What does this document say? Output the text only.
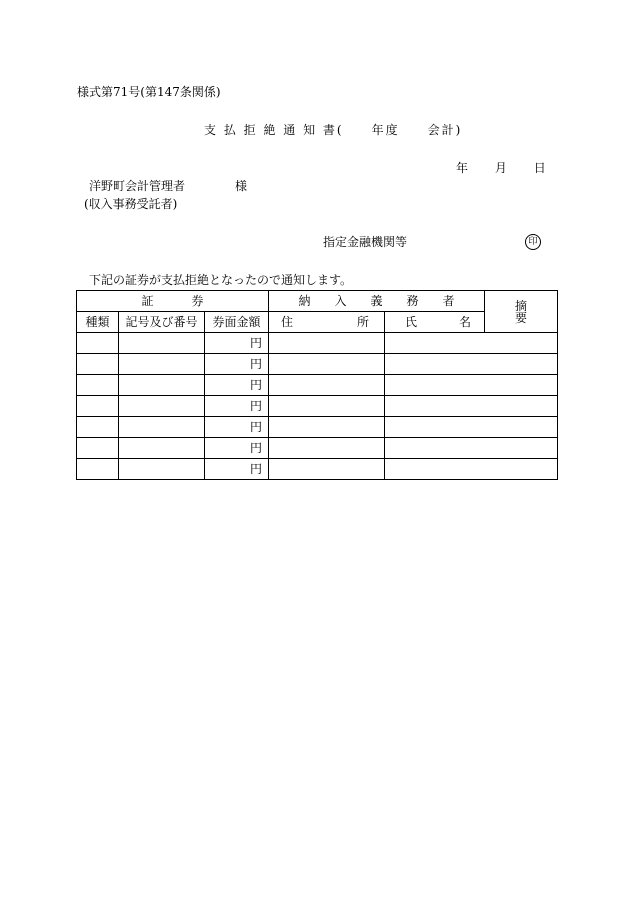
様式第71号(第147条関係)
支 払 拒 絶 通 知 書(　　年度　　会計)
年 月 日
洋野町会計管理者	様
(収入事務受託者)
指定金融機関等	印
下記の証券が支払拒絶となったので通知します。
証券			納入義務者		摘要
種類	記号及び番号	券面金額	住 所	氏 名	
		円			
		円			
		円			
		円			
		円			
		円			
		円			
